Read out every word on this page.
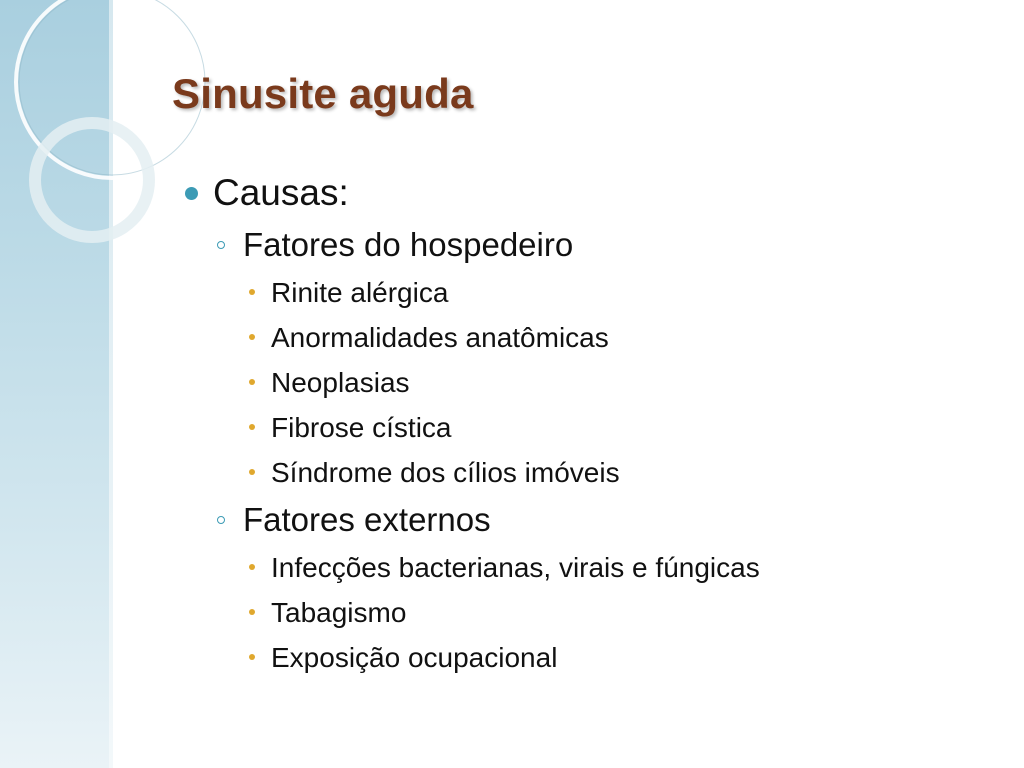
Sinusite aguda
Causas:
Fatores do hospedeiro
Rinite alérgica
Anormalidades anatômicas
Neoplasias
Fibrose cística
Síndrome dos cílios imóveis
Fatores externos
Infecções bacterianas, virais e fúngicas
Tabagismo
Exposição ocupacional
